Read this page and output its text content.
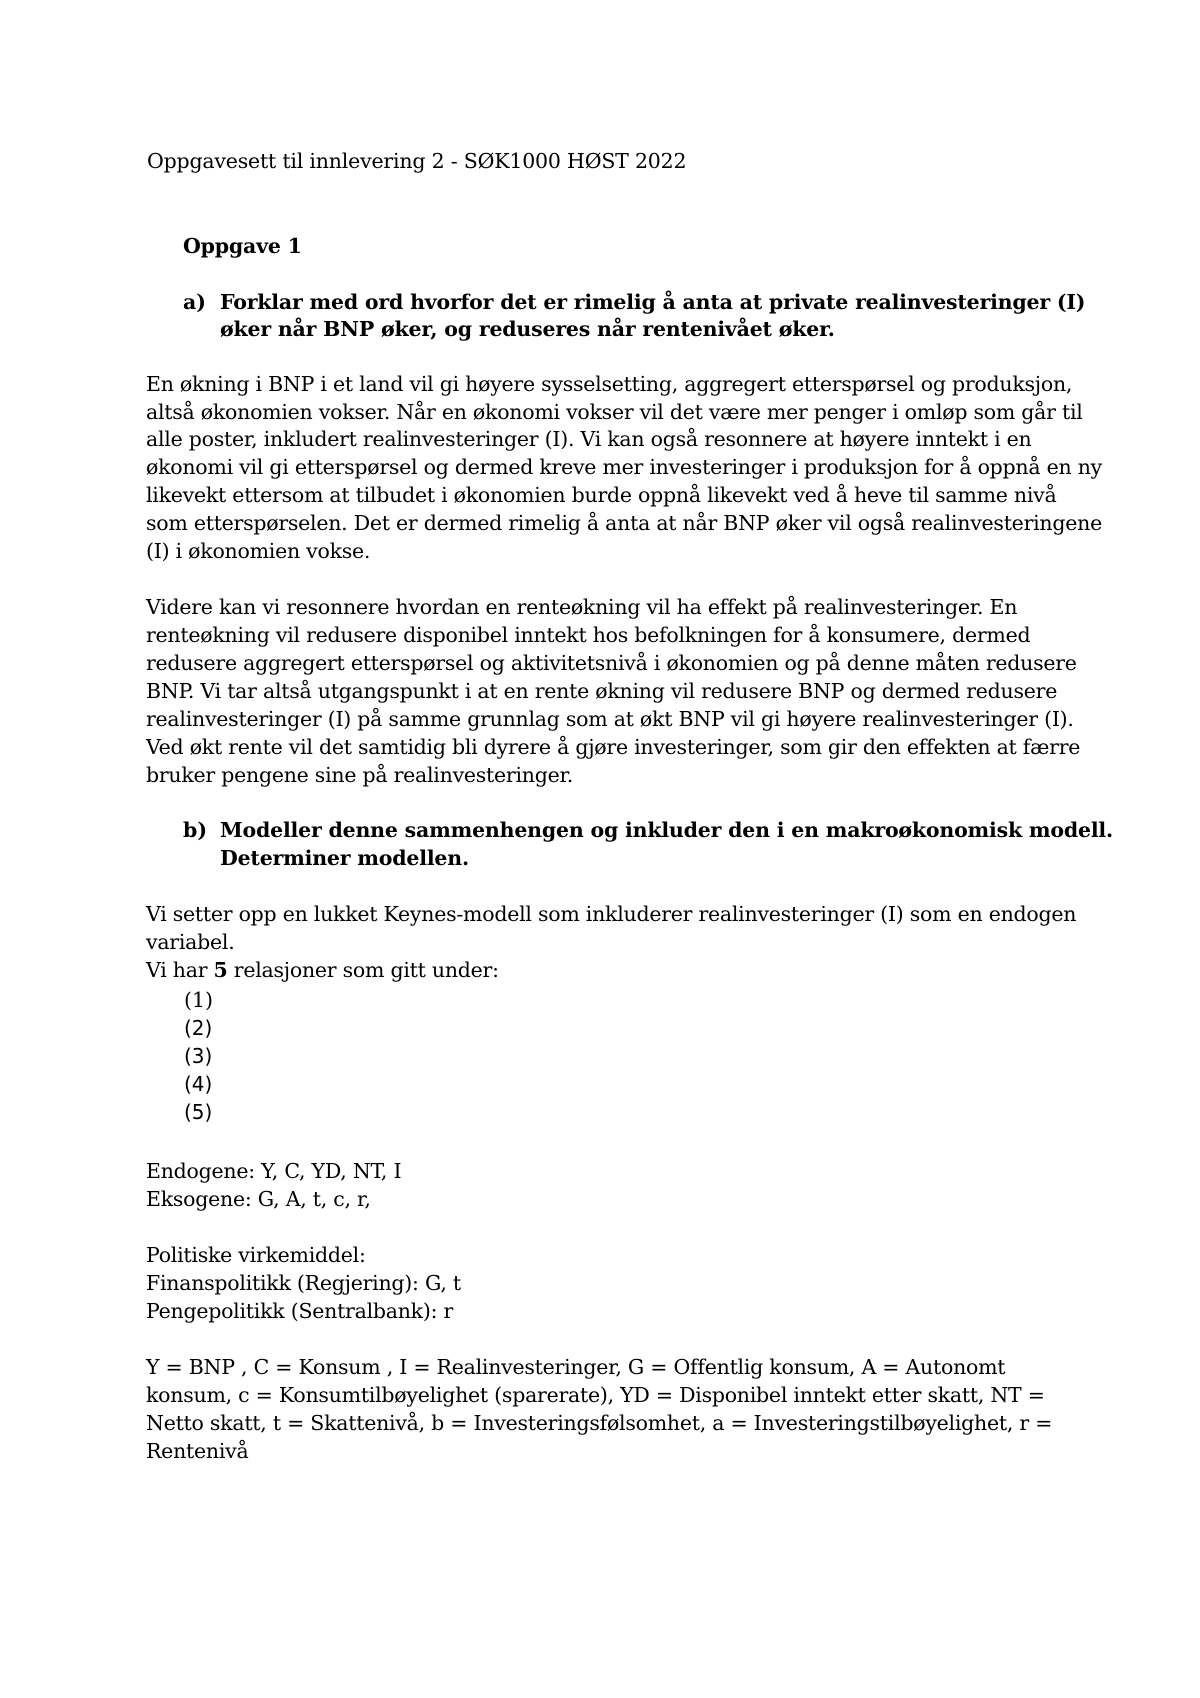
Oppgavesett til innlevering 2 - SØK1000 HØST 2022
Oppgave 1
a) Forklar med ord hvorfor det er rimelig å anta at private realinvesteringer (I)
øker når BNP øker, og reduseres når rentenivået øker.
En økning i BNP i et land vil gi høyere sysselsetting, aggregert etterspørsel og produksjon,
altså økonomien vokser. Når en økonomi vokser vil det være mer penger i omløp som går til
alle poster, inkludert realinvesteringer (I). Vi kan også resonnere at høyere inntekt i en
økonomi vil gi etterspørsel og dermed kreve mer investeringer i produksjon for å oppnå en ny
likevekt ettersom at tilbudet i økonomien burde oppnå likevekt ved å heve til samme nivå
som etterspørselen. Det er dermed rimelig å anta at når BNP øker vil også realinvesteringene
(I) i økonomien vokse.
Videre kan vi resonnere hvordan en renteøkning vil ha effekt på realinvesteringer. En
renteøkning vil redusere disponibel inntekt hos befolkningen for å konsumere, dermed
redusere aggregert etterspørsel og aktivitetsnivå i økonomien og på denne måten redusere
BNP. Vi tar altså utgangspunkt i at en rente økning vil redusere BNP og dermed redusere
realinvesteringer (I) på samme grunnlag som at økt BNP vil gi høyere realinvesteringer (I).
Ved økt rente vil det samtidig bli dyrere å gjøre investeringer, som gir den effekten at færre
bruker pengene sine på realinvesteringer.
b) Modeller denne sammenhengen og inkluder den i en makroøkonomisk modell.
Determiner modellen.
Vi setter opp en lukket Keynes-modell som inkluderer realinvesteringer (I) som en endogen
variabel.
Vi har 5 relasjoner som gitt under:
(1)
(2)
(3)
(4)
(5)
Endogene: Y, C, YD, NT, I
Eksogene: G, A, t, c, r,
Politiske virkemiddel:
Finanspolitikk (Regjering): G, t
Pengepolitikk (Sentralbank): r
Y = BNP , C = Konsum , I = Realinvesteringer, G = Offentlig konsum, A = Autonomt
konsum, c = Konsumtilbøyelighet (sparerate), YD = Disponibel inntekt etter skatt, NT =
Netto skatt, t = Skattenivå, b = Investeringsfølsomhet, a = Investeringstilbøyelighet, r =
Rentenivå
